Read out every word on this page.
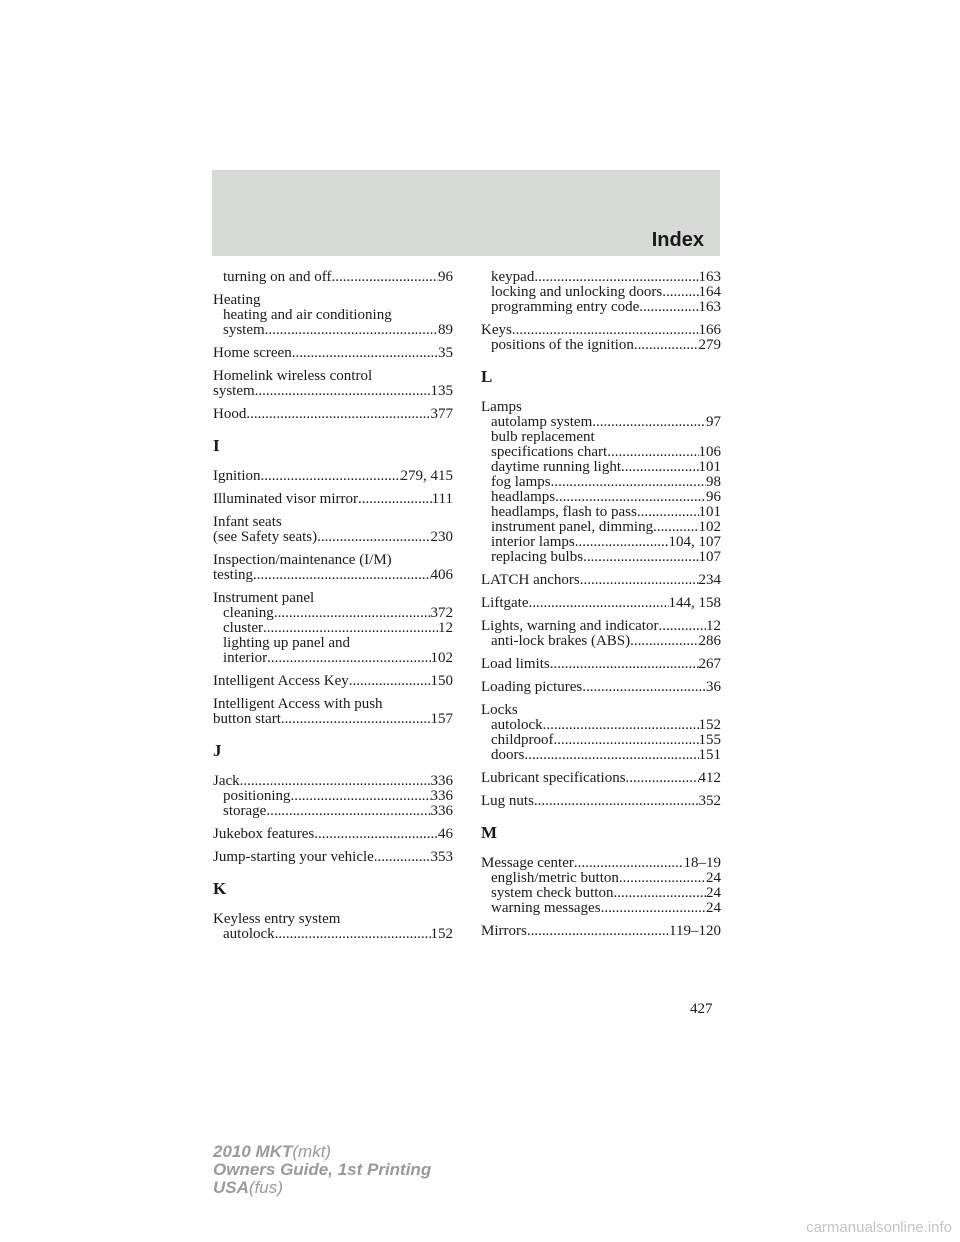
Index
turning on and off .....	96
Heating
heating and air conditioning
system .....	89
Home screen .....	35
Homelink wireless control
system .....	135
Hood .....	377
I
Ignition .....	279, 415
Illuminated visor mirror .....	111
Infant seats
(see Safety seats) .....	230
Inspection/maintenance (I/M)
testing .....	406
Instrument panel
cleaning .....	372
cluster .....	12
lighting up panel and
interior .....	102
Intelligent Access Key .....	150
Intelligent Access with push
button start .....	157
J
Jack .....	336
positioning .....	336
storage .....	336
Jukebox features .....	46
Jump-starting your vehicle .....	353
K
Keyless entry system
autolock .....	152
keypad .....	163
locking and unlocking doors ..... 164
programming entry code .....	163
Keys .....	166
positions of the ignition .....	279
L
Lamps
autolamp system .....	97
bulb replacement
specifications chart .....	106
daytime running light .....	101
fog lamps .....	98
headlamps .....	96
headlamps, flash to pass .....	101
instrument panel, dimming .....	102
interior lamps .....	104, 107
replacing bulbs .....	107
LATCH anchors .....	234
Liftgate .....	144, 158
Lights, warning and indicator .....	12
anti-lock brakes (ABS) .....	286
Load limits .....	267
Loading pictures .....	36
Locks
autolock .....	152
childproof .....	155
doors .....	151
Lubricant specifications .....	412
Lug nuts .....	352
M
Message center .....	18–19
english/metric button .....	24
system check button .....	24
warning messages .....	24
Mirrors .....	119–120
427
2010 MKT(mkt)
Owners Guide, 1st Printing
USA(fus)
carmanualsonline.info
